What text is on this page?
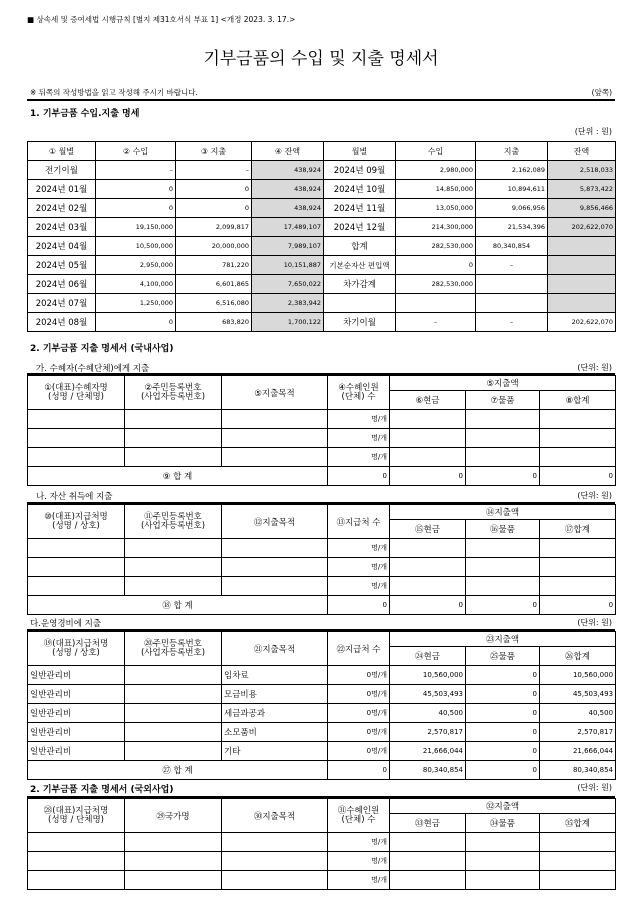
■ 상속세 및 증여세법 시행규칙 [별지 제31호서식 부표 1] <개정 2023. 3. 17.>
기부금품의 수입 및 지출 명세서
※ 뒤쪽의 작성방법을 읽고 작성해 주시기 바랍니다.	(앞쪽)
1. 기부금품 수입.지출 명세
(단위 : 원)
① 월별	② 수입	③ 지출	④ 잔액	월별	수입	지출	잔액
전기이월	–	–	438,924	2024년 09월	2,980,000	2,162,089	2,518,033
2024년 01월	0	0	438,924	2024년 10월	14,850,000	10,894,611	5,873,422
2024년 02월	0	0	438,924	2024년 11월	13,050,000	9,066,956	9,856,466
2024년 03월	19,150,000	2,099,817	17,489,107	2024년 12월	214,300,000	21,534,396	202,622,070
2024년 04월	10,500,000	20,000,000	7,989,107	합계	282,530,000	80,340,854	
2024년 05월	2,950,000	781,220	10,151,887	기본순자산 편입액	0	–	
2024년 06월	4,100,000	6,601,865	7,650,022	차가감계	282,530,000		
2024년 07월	1,250,000	6,516,080	2,383,942				
2024년 08월	0	683,820	1,700,122	차기이월	–	–	202,622,070
2. 기부금품 지출 명세서 (국내사업)
가. 수혜자(수혜단체)에게 지출	(단위: 원)
①(대표)수혜자명
(성명 / 단체명)	②주민등록번호
(사업자등록번호)	⑤지출목적	④수혜인원
(단체) 수	⑤지출액		
				⑥현금	⑦물품	⑧합계
			명/개			
			명/개			
			명/개			
⑨ 합 계			0	0	0	0
나. 자산 취득에 지출	(단위: 원)
⑩(대표)지급처명
(성명 / 상호)	⑪주민등록번호
(사업자등록번호)	⑫지출목적	⑬지급처 수	⑭지출액		
				⑮현금	⑯물품	⑰합계
			명/개			
			명/개			
			명/개			
⑱ 합 계			0	0	0	0
다.운영경비에 지출	(단위: 원)
⑲(대표)지급처명
(성명 / 상호)	⑳주민등록번호
(사업자등록번호)	㉑지출목적	㉒지급처 수	㉓지출액		
				㉔현금	㉕물품	㉖합계
일반관리비		임차료	0명/개	10,560,000	0	10,560,000
일반관리비		모금비용	0명/개	45,503,493	0	45,503,493
일반관리비		세금과공과	0명/개	40,500	0	40,500
일반관리비		소모품비	0명/개	2,570,817	0	2,570,817
일반관리비		기타	0명/개	21,666,044	0	21,666,044
㉗ 합 계			0	80,340,854	0	80,340,854
2. 기부금품 지출 명세서 (국외사업)	(단위: 원)
㉘(대표)지급처명
(성명 / 단체명)	㉙국가명	㉚지출목적	㉛수혜인원
(단체) 수	㉜지출액		
				㉝현금	㉞물품	㉟합계
			명/개			
			명/개			
			명/개			
